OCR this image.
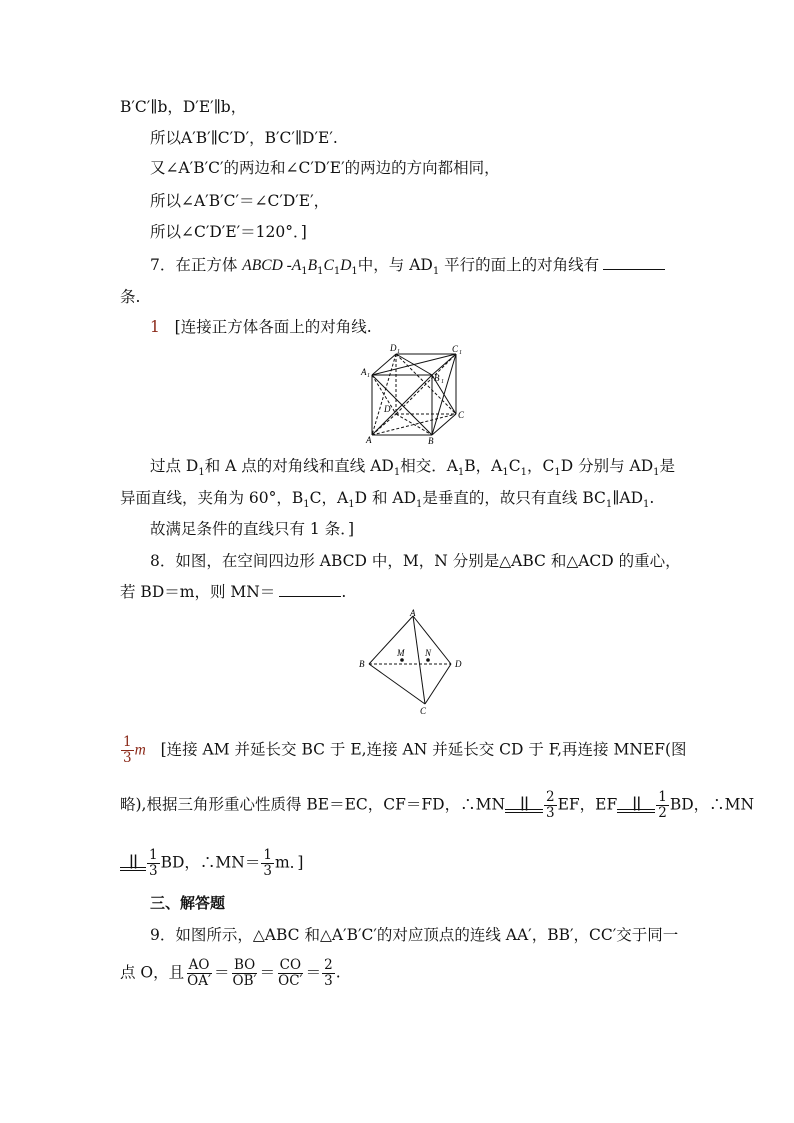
B′C′∥b，D′E′∥b，
所以A′B′∥C′D′，B′C′∥D′E′.
又∠A′B′C′的两边和∠C′D′E′的两边的方向都相同，
所以∠A′B′C′＝∠C′D′E′，
所以∠C′D′E′＝120°．]
7．在正方体 ABCD $-A_1B_1C_1D_1$中，与 $AD_1$ 平行的面上的对角线有
条.
1 [连接正方体各面上的对角线.
D 1	C 1
A 1	B 1
D
C
A	B
过点 $D_1$和 A 点的对角线和直线 $AD_1$相交．$A_1B$，$A_1C_1$，$C_1D$ 分别与 $AD_1$是
异面直线，夹角为 60°，$B_1C$，$A_1D$ 和 $AD_1$是垂直的，故只有直线 $BC_1\parallel AD_1$.
故满足条件的直线只有 1 条．]
8．如图，在空间四边形 ABCD 中，M，N 分别是△ABC 和△ACD 的重心，
若 BD＝m，则 MN＝	.
A
B	D
C
M N
$\frac{1}{3}$ m [连接 AM 并延长交 BC 于 E,连接 AN 并延长交 CD 于 F,再连接 MNEF(图
略),根据三角形重心性质得 BE＝EC，CF＝FD，∴MN || $\frac{2}{3}$ EF，EF || $\frac{1}{2}$ BD，∴MN
|| $\frac{1}{3}$ BD，∴MN＝ $\frac{1}{3}$ m．]
三、解答题
9．如图所示，△ABC 和△A′B′C′的对应顶点的连线 AA′，BB′，CC′交于同一
点 O，且 $\frac{AO}{OA'} = \frac{BO}{OB'} = \frac{CO}{OC'} = \frac{2}{3}$ .
